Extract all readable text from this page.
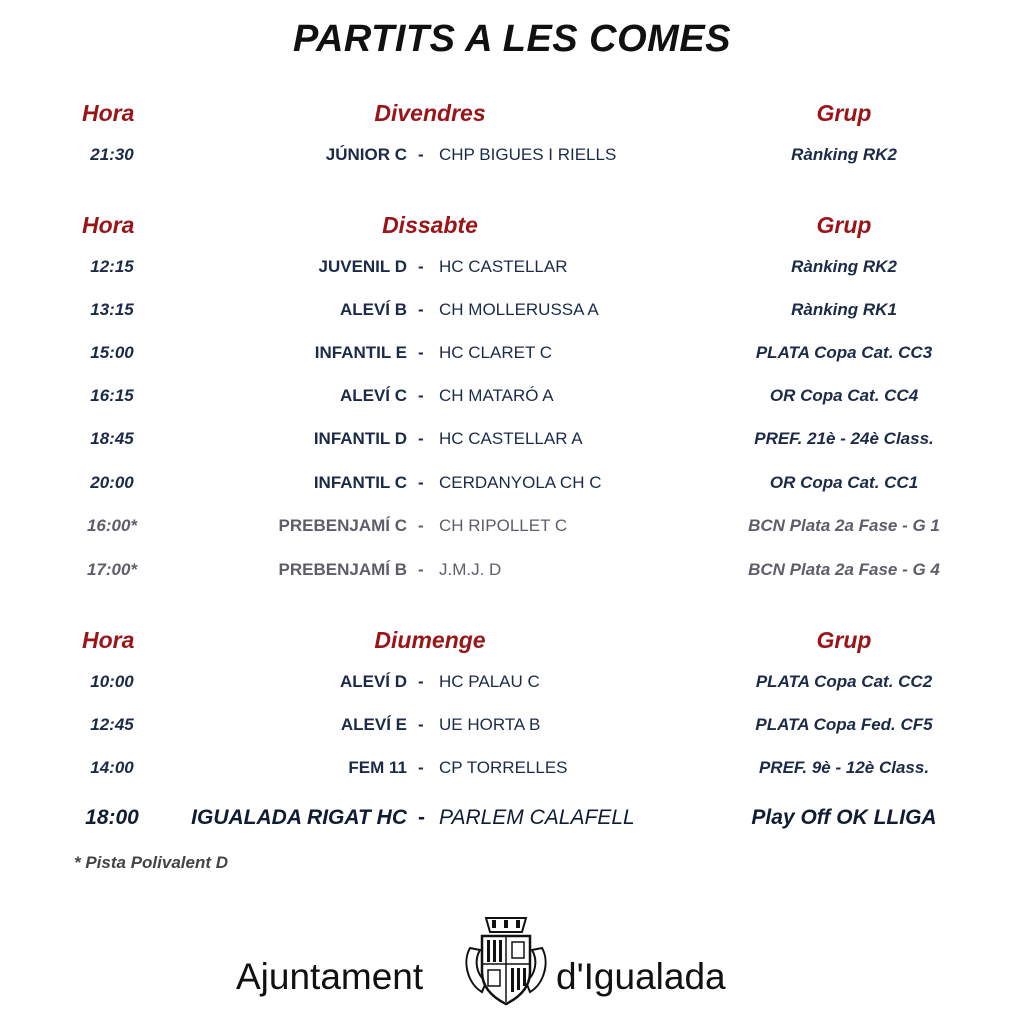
PARTITS A LES COMES
Hora	Divendres	Grup
21:30	JÚNIOR C - CHP BIGUES I RIELLS	Rànking RK2
Hora	Dissabte	Grup
12:15	JUVENIL D - HC CASTELLAR	Rànking RK2
13:15	ALEVÍ B - CH MOLLERUSSA A	Rànking RK1
15:00	INFANTIL E - HC CLARET C	PLATA Copa Cat. CC3
16:15	ALEVÍ C - CH MATARÓ A	OR Copa Cat. CC4
18:45	INFANTIL D - HC CASTELLAR A	PREF. 21è - 24è Class.
20:00	INFANTIL C - CERDANYOLA CH C	OR Copa Cat. CC1
16:00*	PREBENJAMÍ C - CH RIPOLLET C	BCN Plata 2a Fase - G 1
17:00*	PREBENJAMÍ B - J.M.J. D	BCN Plata 2a Fase - G 4
Hora	Diumenge	Grup
10:00	ALEVÍ D - HC PALAU C	PLATA Copa Cat. CC2
12:45	ALEVÍ E - UE HORTA B	PLATA Copa Fed. CF5
14:00	FEM 11 - CP TORRELLES	PREF. 9è - 12è Class.
18:00 IGUALADA RIGAT HC - PARLEM CALAFELL	Play Off OK LLIGA
* Pista Polivalent D
Ajuntament	d'Igualada
